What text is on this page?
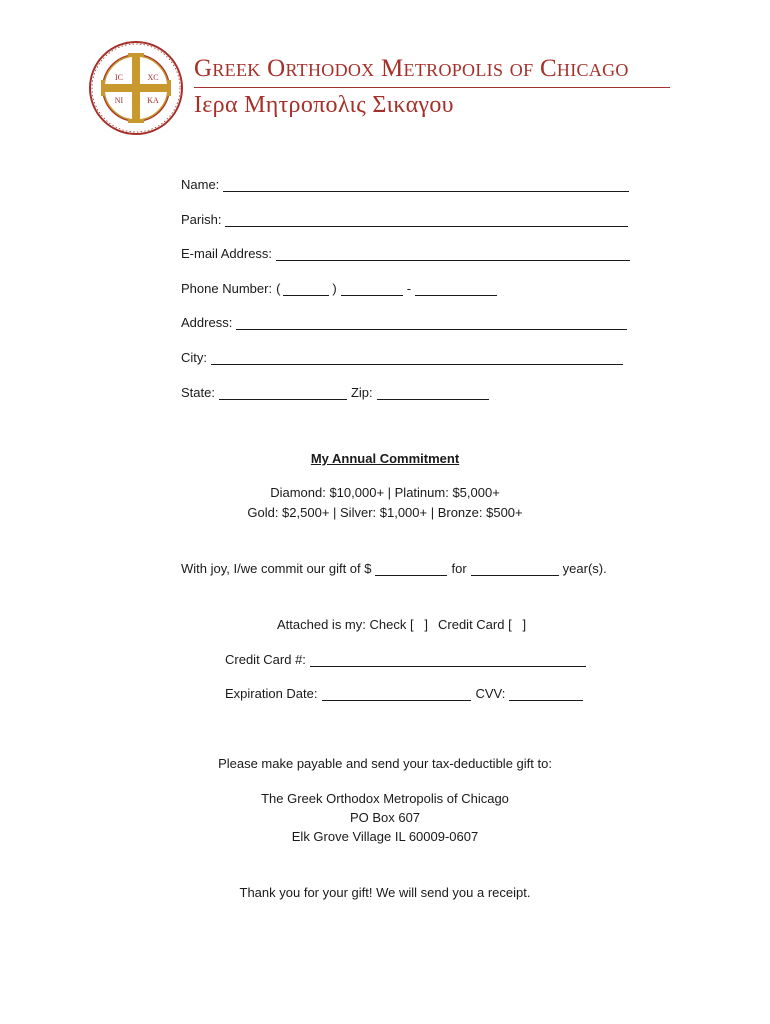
IC	XC
NI	KA
Greek Orthodox Metropolis of Chicago
Ιερα Μητροπολις Σικαγου
Name:
Parish:
E-mail Address:
Phone Number: (	)	-
Address:
City:
State:	Zip:
My Annual Commitment
Diamond: $10,000+ | Platinum: $5,000+
Gold: $2,500+ | Silver: $1,000+ | Bronze: $500+
With joy, I/we commit our gift of $	for	year(s).
Attached is my: Check [   ] Credit Card [   ]
Credit Card #:
Expiration Date:	CVV:
Please make payable and send your tax-deductible gift to:
The Greek Orthodox Metropolis of Chicago
PO Box 607
Elk Grove Village IL 60009-0607
Thank you for your gift! We will send you a receipt.
